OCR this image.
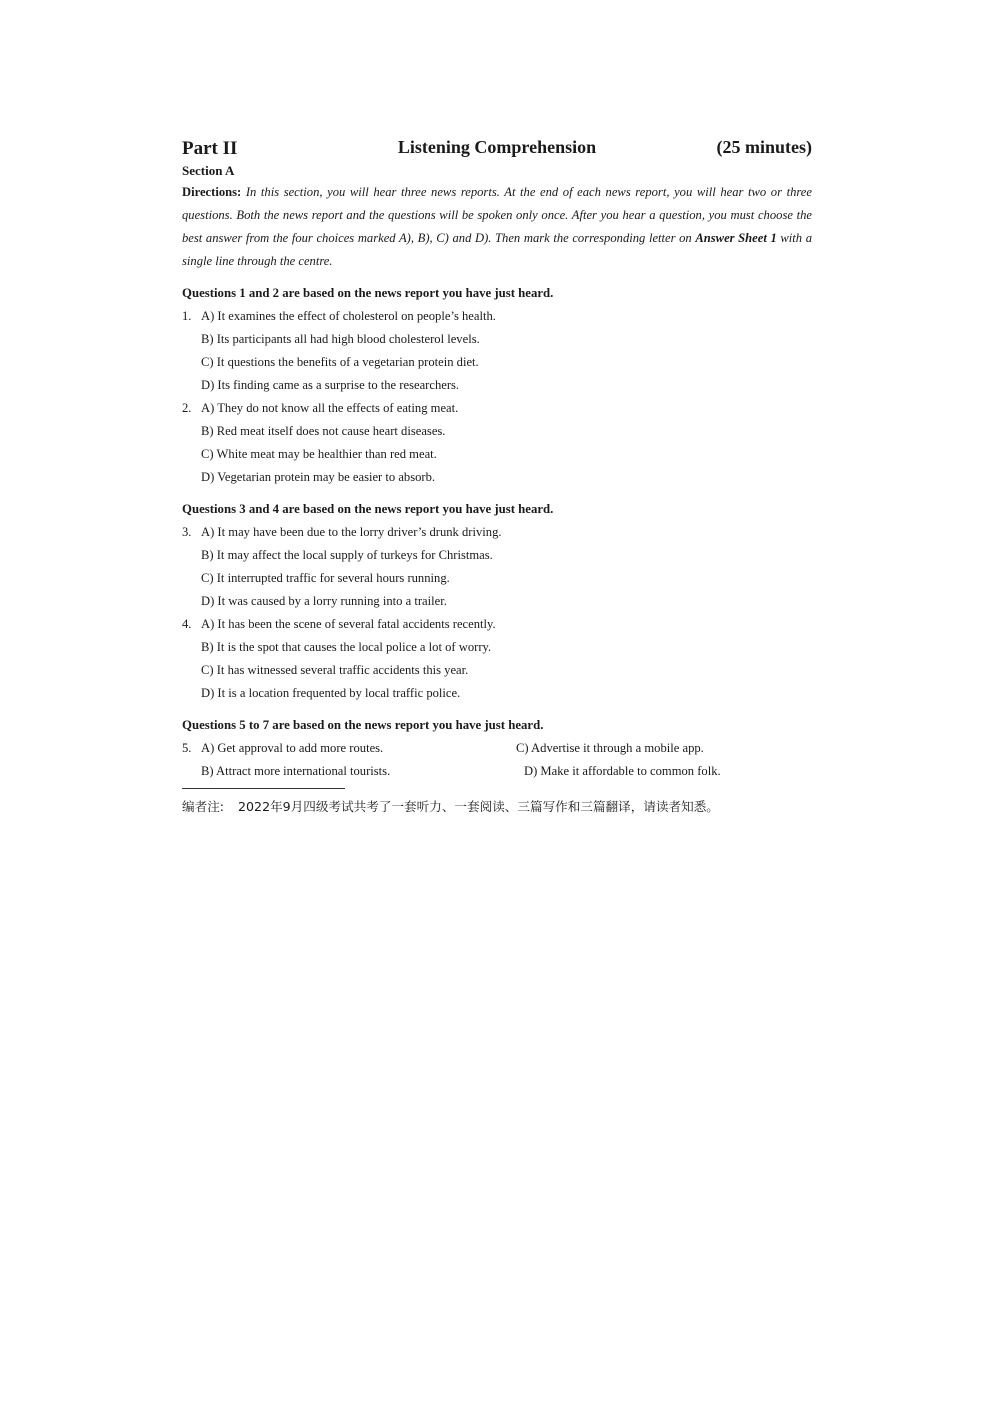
Part II	Listening Comprehension	(25 minutes)
Section A
Directions: In this section, you will hear three news reports. At the end of each news report, you will hear two or three questions. Both the news report and the questions will be spoken only once. After you hear a question, you must choose the best answer from the four choices marked A), B), C) and D). Then mark the corresponding letter on Answer Sheet 1 with a single line through the centre.
Questions 1 and 2 are based on the news report you have just heard.
1. A) It examines the effect of cholesterol on people’s health.
B) Its participants all had high blood cholesterol levels.
C) It questions the benefits of a vegetarian protein diet.
D) Its finding came as a surprise to the researchers.
2. A) They do not know all the effects of eating meat.
B) Red meat itself does not cause heart diseases.
C) White meat may be healthier than red meat.
D) Vegetarian protein may be easier to absorb.
Questions 3 and 4 are based on the news report you have just heard.
3. A) It may have been due to the lorry driver’s drunk driving.
B) It may affect the local supply of turkeys for Christmas.
C) It interrupted traffic for several hours running.
D) It was caused by a lorry running into a trailer.
4. A) It has been the scene of several fatal accidents recently.
B) It is the spot that causes the local police a lot of worry.
C) It has witnessed several traffic accidents this year.
D) It is a location frequented by local traffic police.
Questions 5 to 7 are based on the news report you have just heard.
5. A) Get approval to add more routes.	C) Advertise it through a mobile app.
B) Attract more international tourists.	D) Make it affordable to common folk.
编者注: 2022年9月四级考试共考了一套听力、一套阅读、三篇写作和三篇翻译，请读者知悉。
